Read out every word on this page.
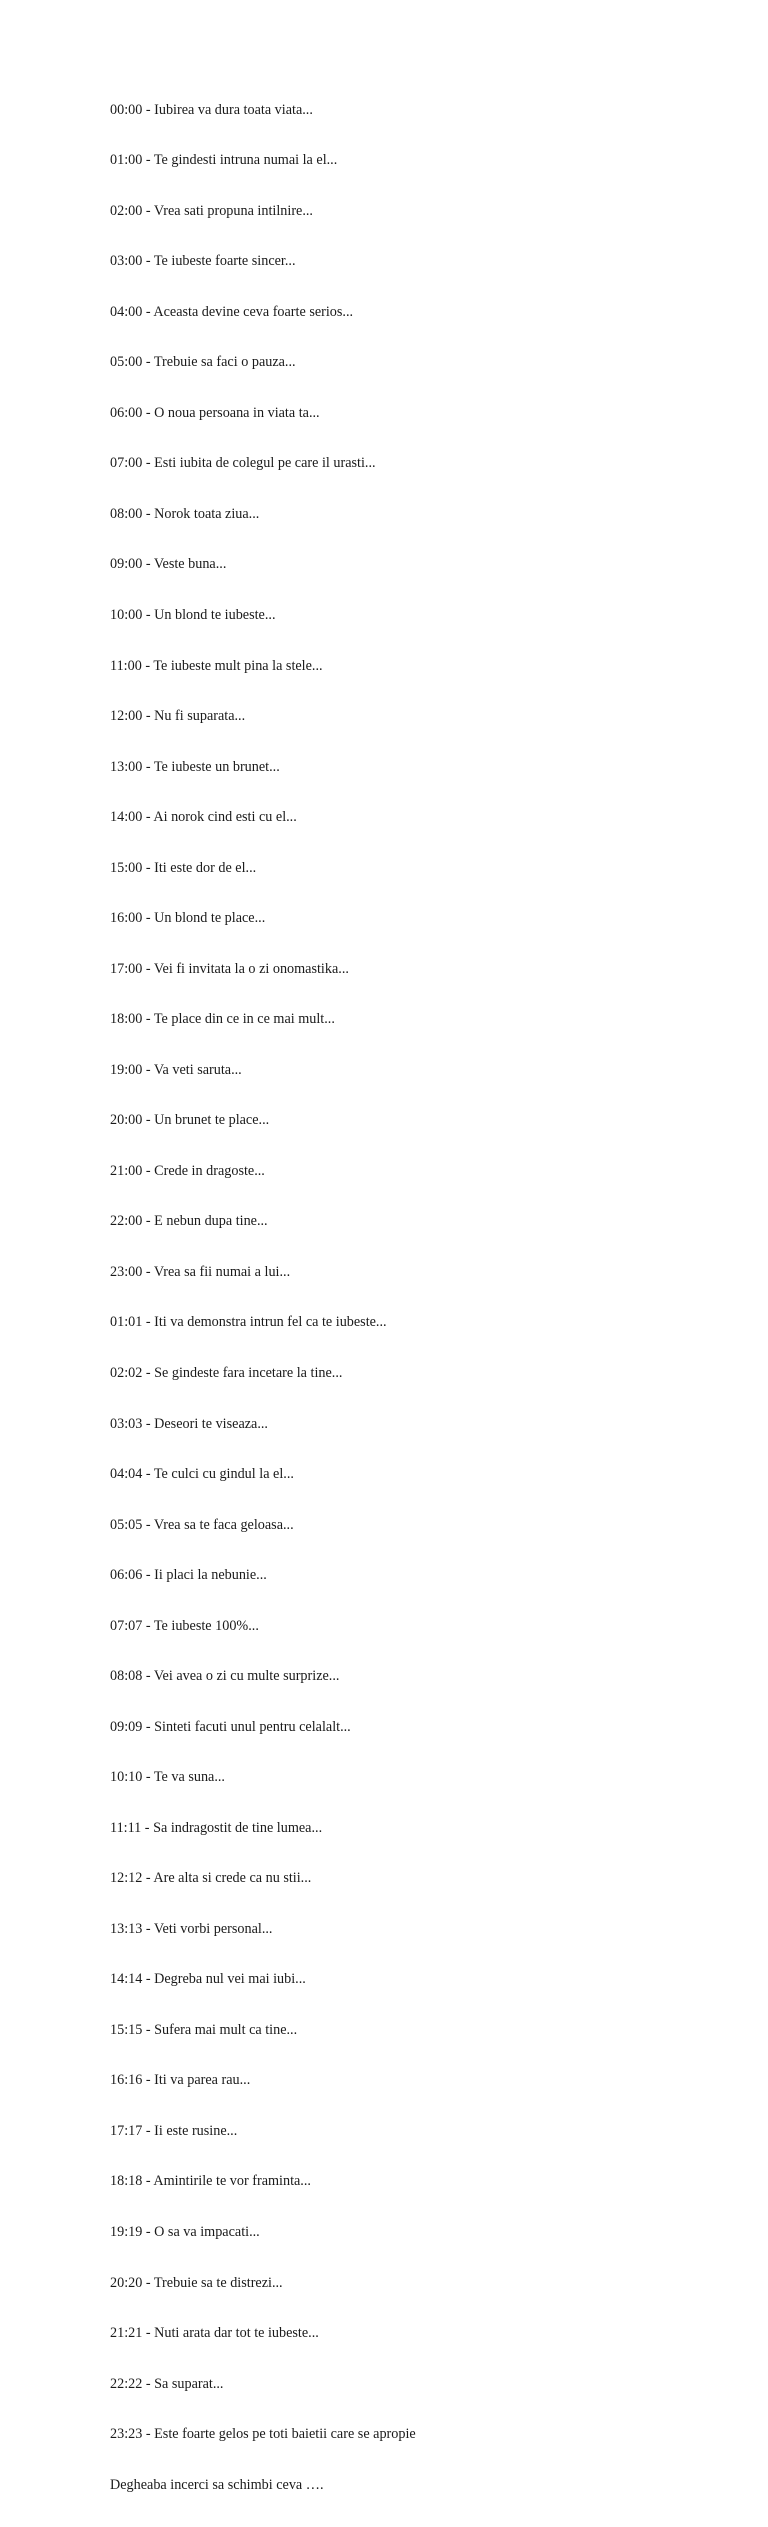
00:00 - Iubirea va dura toata viata...

01:00 - Te gindesti intruna numai la el...

02:00 - Vrea sati propuna intilnire...

03:00 - Te iubeste foarte sincer...

04:00 - Aceasta devine ceva foarte serios...

05:00 - Trebuie sa faci o pauza...

06:00 - O noua persoana in viata ta...

07:00 - Esti iubita de colegul pe care il urasti...

08:00 - Norok toata ziua...

09:00 - Veste buna...

10:00 - Un blond te iubeste...

11:00 - Te iubeste mult pina la stele...

12:00 - Nu fi suparata...

13:00 - Te iubeste un brunet...

14:00 - Ai norok cind esti cu el...

15:00 - Iti este dor de el...

16:00 - Un blond te place...

17:00 - Vei fi invitata la o zi onomastika...

18:00 - Te place din ce in ce mai mult...

19:00 - Va veti saruta...

20:00 - Un brunet te place...

21:00 - Crede in dragoste...

22:00 - E nebun dupa tine...

23:00 - Vrea sa fii numai a lui...

01:01 - Iti va demonstra intrun fel ca te iubeste...

02:02 - Se gindeste fara incetare la tine...

03:03 - Deseori te viseaza...

04:04 - Te culci cu gindul la el...

05:05 - Vrea sa te faca geloasa...

06:06 - Ii placi la nebunie...

07:07 - Te iubeste 100%...

08:08 - Vei avea o zi cu multe surprize...

09:09 - Sinteti facuti unul pentru celalalt...

10:10 - Te va suna...

11:11 - Sa indragostit de tine lumea...

12:12 - Are alta si crede ca nu stii...

13:13 - Veti vorbi personal...

14:14 - Degreba nul vei mai iubi...

15:15 - Sufera mai mult ca tine...

16:16 - Iti va parea rau...

17:17 - Ii este rusine...

18:18 - Amintirile te vor framinta...

19:19 - O sa va impacati...

20:20 - Trebuie sa te distrezi...

21:21 - Nuti arata dar tot te iubeste...

22:22 - Sa suparat...

23:23 - Este foarte gelos pe toti baietii care se apropie

Degheaba incerci sa schimbi ceva ….
